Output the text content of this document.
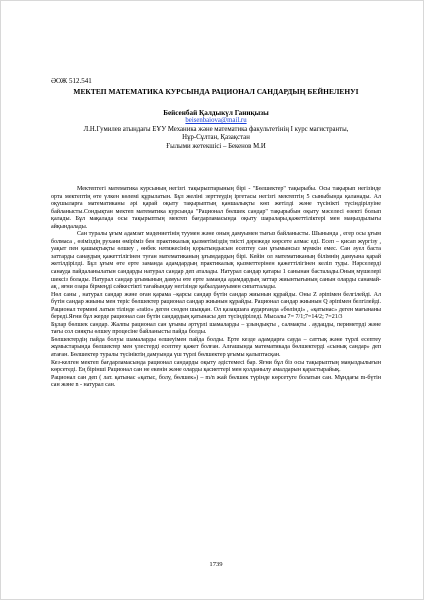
ӘОЖ 512.541
МЕКТЕП МАТЕМАТИКА КУРСЫНДА РАЦИОНАЛ САНДАРДЫҢ БЕЙНЕЛЕНУІ
Бейсенбай Қалдыкүл Ганиқызы
beisenbaiova@mail.ru
Л.Н.Гумилев атындағы ЕҰУ Механика және математика факультетінің I курс магистранты,
Нұр-Сұлтан, Қазақстан
Ғылыми жетекшісі – Бекенов М.И

Мектептегі математика курсының негізгі тақырыптарының бірі - "Бөлшектер" тақырыбы. Осы тақырып негізінде орта мектептің өте үлкен көлемі құрылатын. Бұл желіні зерттеудің іргетасы негізгі мектептің 5 сыныбында қаланады. Ал оқушыларға математиканы әрі қарай оқыту тақырыптың қаншалықты көп жетілді және түсінікті түсіндірілуіне байланысты.Сондықтан мектеп математика курсында "Рационал бөлшек сандар" тақырыбын оқыту мәселесі өзекті болып қалады. Бұл мақалада осы тақырыптың мектеп бағдарламасында оқыту шаралары,қажеттіліктері мен маңыздылығы айқындалады.

Сан туралы ұғым адамзат мәдениетінің туумен және оның дамуымен тығыз байланысты. Шынында , егер осы ұғым болмаса , өзіміздің рухани өміріміз бен практикалық қызметіміздің тиісті дәрежеде көрсете алмас еді. Есеп – қисап жүргізу , уақыт пен қашықтықты өлшеу , өнбек нәтижесінің қорытындысын есептеу сан ұғымынсыз мүмкін емес. Сан әуел баста заттарды санаудың қажеттілігінен туған математиканың ұғымдардың бірі. Кейін ол математиканың білімнің дамуына қарай жетілдірілді. Бұл ұғым өте ерте заманда адамдардың практикалық қызметтерінен қажеттілігінен келіп туды. Нәрселерді санауда пайдаланылатын сандарды натурал сандар деп аталады. Натурал сандар қатары 1 санынан басталады.Оның мүшелері шексіз болады. Натурал сандар ұғымының дамуы өте ерте заманда адамдардың заттар жиынтығының санын оларды санамай-ақ , яғни озара бірмеңді сәйкестікті тағайындау негізінде қабылдануымен сипатталады.

Нөл саны , натурал сандар және оған қарама –қарсы сандар бүтін сандар жиынын құрайды. Оны Z әріпімен белгілейді. Ал бүтін сандар жиыны мен теріс бөлшектер рационал сандар жиынын құрайды. Рационал сандар жиынын Q әріпімен белгілейді. Рационал термині латын тілінде «ratio» деген сөзден шыққан. Ол қазақшаға аударғанда «бөлінді» , «қатынас» деген мағынаны береді.Яғни бұл жерде рационал сан бүтін сандардың қатынасы деп түсіндіріледі. Мысалы 7= 7/1;7=14/2; 7=21/3

Бұлар бөлшек сандар. Жалпы рационал сан ұғымы әртүрлі шамаларды – ұзындықты , салмақты . аудацды, периметрді және тағы сол сияқты өлшеу процесіне байланысты пайда болды.

Бөлшектердің пайда болуы шамаларды өлшеуімен пайда болды. Ерте кезде адамдарға сауда – саттық және түрлі есептеу жұмыстарында бөлшектер мен үлестерді есептеу қажет болған. Алғашында математикада бөлшектерді «сынық сандар» деп атаған. Бөлшектер туралы түсініктің дамуында үш түрлі бөлшектер ұғымы қалыптасқан.

Кез-келген мектеп бағдарламасында рационал сандарды оқыту әдістемесі бар. Яғни бұл біз осы тақырыптың маңыздылығын көрсетеді. Ең бірінші Рационал сан не екенін және оларды қасиеттері мен қолданылу амалдарын қарастырайық.

Рационал сан деп ( лат. қатынас «қатыс, болу, бөлшек») – m/n жай бөлшек түрінде көрсетуге болатын сан. Мұндағы m-бүтін сан және n - натурал сан.

1739
